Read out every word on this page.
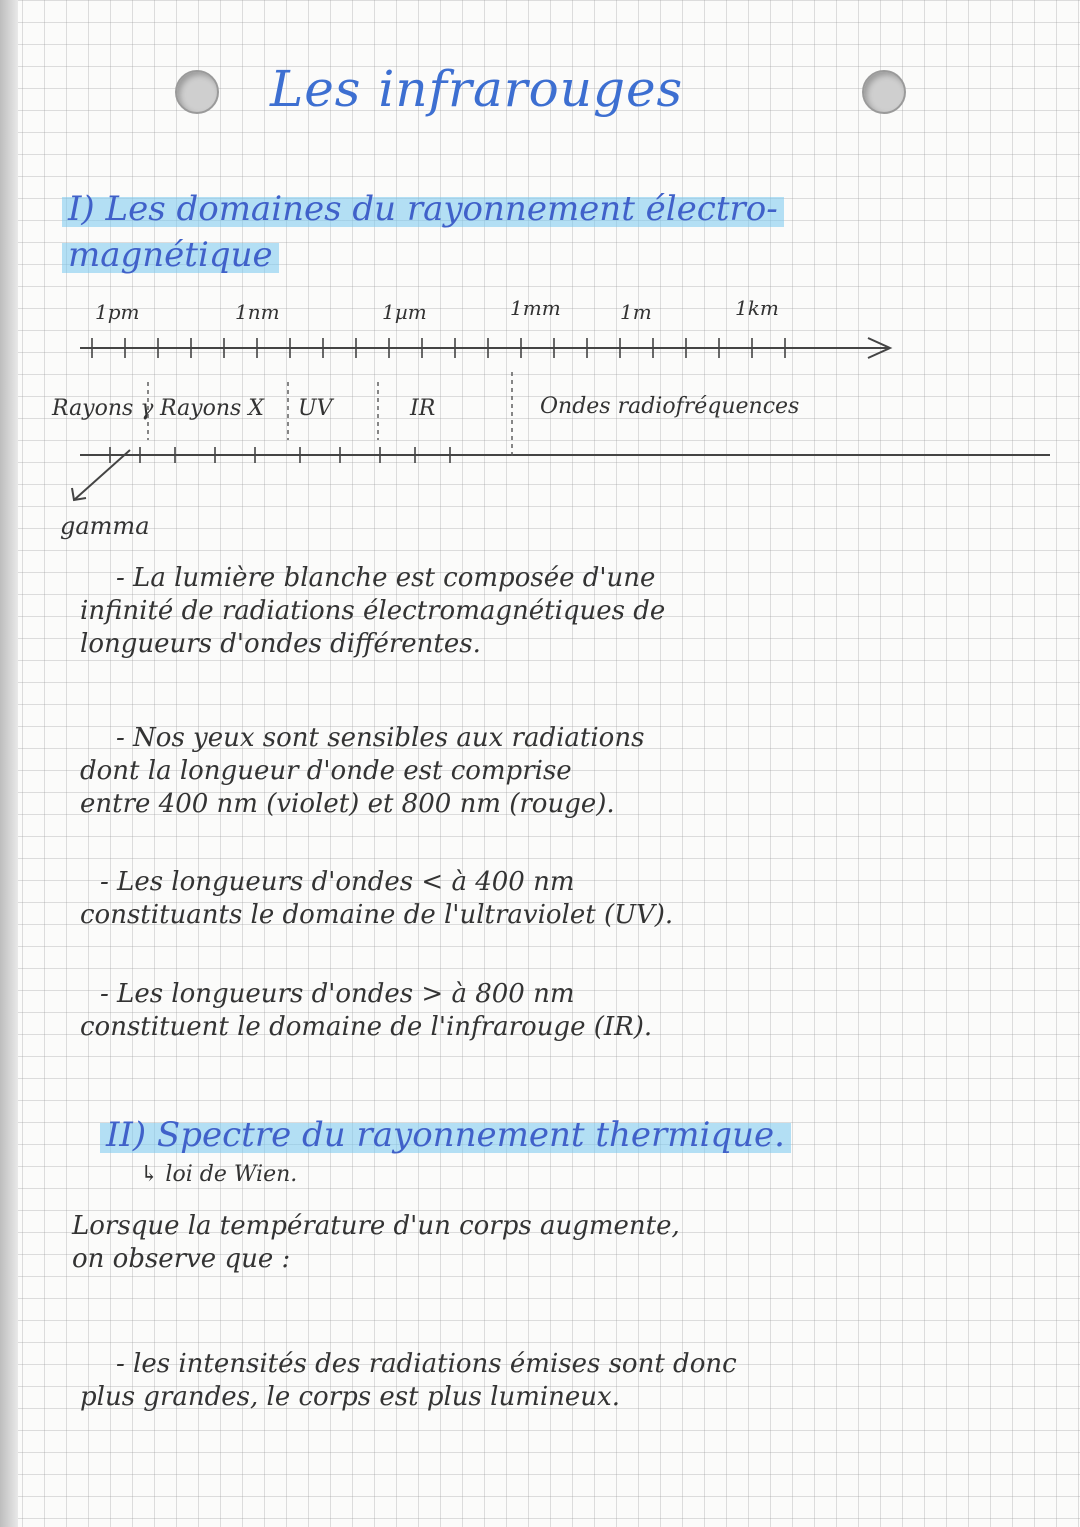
Les infrarouges
I) Les domaines du rayonnement électro-
magnétique
1pm	1nm	1µm	1mm	1m	1km
Rayons γ Rayons X UV	IR	Ondes radiofréquences
gamma
- La lumière blanche est composée d'une
infinité de radiations électromagnétiques de
longueurs d'ondes différentes.
- Nos yeux sont sensibles aux radiations
dont la longueur d'onde est comprise
entre 400 nm (violet) et 800 nm (rouge).
- Les longueurs d'ondes < à 400 nm
constituants le domaine de l'ultraviolet (UV).
- Les longueurs d'ondes > à 800 nm
constituent le domaine de l'infrarouge (IR).
II) Spectre du rayonnement thermique.
↳ loi de Wien.
Lorsque la température d'un corps augmente,
on observe que :
- les intensités des radiations émises sont donc
plus grandes, le corps est plus lumineux.
